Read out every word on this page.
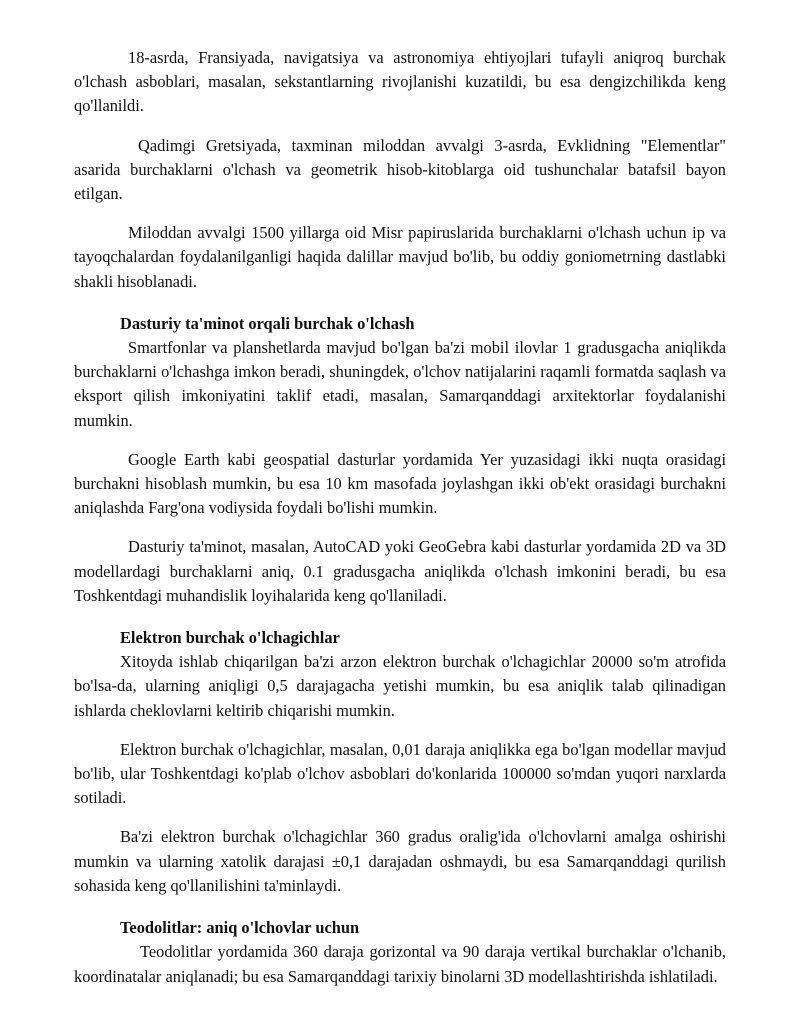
18-asrda, Fransiyada, navigatsiya va astronomiya ehtiyojlari tufayli aniqroq burchak o'lchash asboblari, masalan, sekstantlarning rivojlanishi kuzatildi, bu esa dengizchilikda keng qo'llanildi.

Qadimgi Gretsiyada, taxminan miloddan avvalgi 3-asrda, Evklidning "Elementlar" asarida burchaklarni o'lchash va geometrik hisob-kitoblarga oid tushunchalar batafsil bayon etilgan.

Miloddan avvalgi 1500 yillarga oid Misr papiruslarida burchaklarni o'lchash uchun ip va tayoqchalardan foydalanilganligi haqida dalillar mavjud bo'lib, bu oddiy goniometrning dastlabki shakli hisoblanadi.

Dasturiy ta'minot orqali burchak o'lchash

Smartfonlar va planshetlarda mavjud bo'lgan ba'zi mobil ilovlar 1 gradusgacha aniqlikda burchaklarni o'lchashga imkon beradi, shuningdek, o'lchov natijalarini raqamli formatda saqlash va eksport qilish imkoniyatini taklif etadi, masalan, Samarqanddagi arxitektorlar foydalanishi mumkin.

Google Earth kabi geospatial dasturlar yordamida Yer yuzasidagi ikki nuqta orasidagi burchakni hisoblash mumkin, bu esa 10 km masofada joylashgan ikki ob'ekt orasidagi burchakni aniqlashda Farg'ona vodiysida foydali bo'lishi mumkin.

Dasturiy ta'minot, masalan, AutoCAD yoki GeoGebra kabi dasturlar yordamida 2D va 3D modellardagi burchaklarni aniq, 0.1 gradusgacha aniqlikda o'lchash imkonini beradi, bu esa Toshkentdagi muhandislik loyihalarida keng qo'llaniladi.

Elektron burchak o'lchagichlar

Xitoyda ishlab chiqarilgan ba'zi arzon elektron burchak o'lchagichlar 20000 so'm atrofida bo'lsa-da, ularning aniqligi 0,5 darajagacha yetishi mumkin, bu esa aniqlik talab qilinadigan ishlarda cheklovlarni keltirib chiqarishi mumkin.

Elektron burchak o'lchagichlar, masalan, 0,01 daraja aniqlikka ega bo'lgan modellar mavjud bo'lib, ular Toshkentdagi ko'plab o'lchov asboblari do'konlarida 100000 so'mdan yuqori narxlarda sotiladi.

Ba'zi elektron burchak o'lchagichlar 360 gradus oralig'ida o'lchovlarni amalga oshirishi mumkin va ularning xatolik darajasi ±0,1 darajadan oshmaydi, bu esa Samarqanddagi qurilish sohasida keng qo'llanilishini ta'minlaydi.

Teodolitlar: aniq o'lchovlar uchun

Teodolitlar yordamida 360 daraja gorizontal va 90 daraja vertikal burchaklar o'lchanib, koordinatalar aniqlanadi; bu esa Samarqanddagi tarixiy binolarni 3D modellashtirishda ishlatiladi.
